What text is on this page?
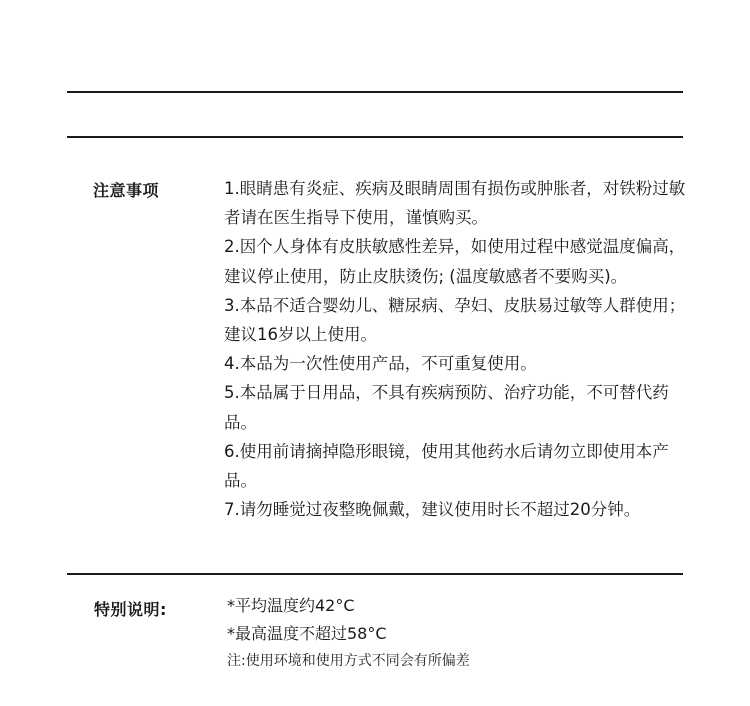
注意事项	1.眼睛患有炎症、疾病及眼睛周围有损伤或肿胀者，对铁粉过敏者请在医生指导下使用，谨慎购买。

2.因个人身体有皮肤敏感性差异，如使用过程中感觉温度偏高，建议停止使用，防止皮肤烫伤; (温度敏感者不要购买)。

3.本品不适合婴幼儿、糖尿病、孕妇、皮肤易过敏等人群使用；建议16岁以上使用。

4.本品为一次性使用产品，不可重复使用。

5.本品属于日用品，不具有疾病预防、治疗功能，不可替代药品。

6.使用前请摘掉隐形眼镜，使用其他药水后请勿立即使用本产品。

7.请勿睡觉过夜整晚佩戴，建议使用时长不超过20分钟。

特别说明:	*平均温度约42°C

*最高温度不超过58°C

注:使用环境和使用方式不同会有所偏差
